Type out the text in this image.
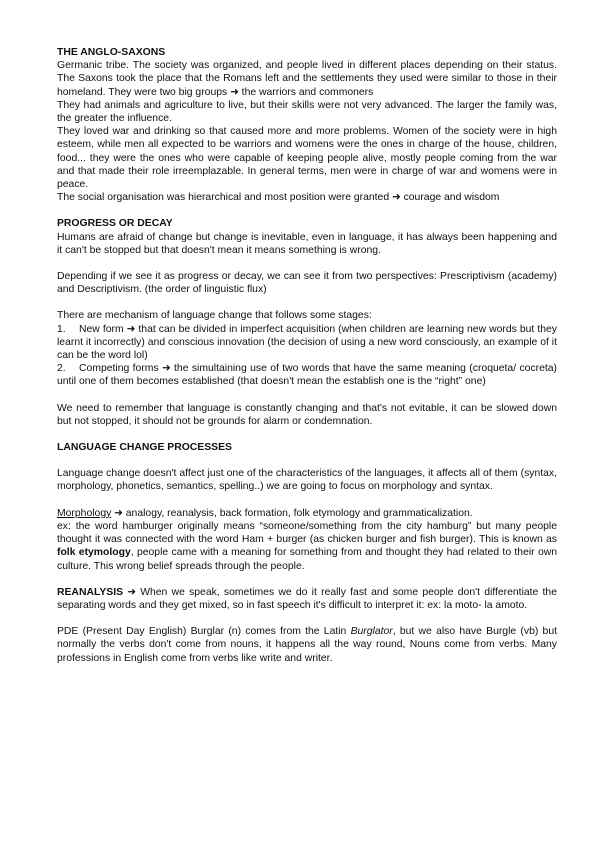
THE ANGLO-SAXONS

Germanic tribe. The society was organized, and people lived in different places depending on their status. The Saxons took the place that the Romans left and the settlements they used were similar to those in their homeland. They were two big groups ➜ the warriors and commoners

They had animals and agriculture to live, but their skills were not very advanced. The larger the family was, the greater the influence.

They loved war and drinking so that caused more and more problems. Women of the society were in high esteem, while men all expected to be warriors and womens were the ones in charge of the house, children, food... they were the ones who were capable of keeping people alive, mostly people coming from the war and that made their role irreemplazable. In general terms, men were in charge of war and womens were in peace.

The social organisation was hierarchical and most position were granted ➜ courage and wisdom

PROGRESS OR DECAY

Humans are afraid of change but change is inevitable, even in language, it has always been happening and it can't be stopped but that doesn't mean it means something is wrong.

Depending if we see it as progress or decay, we can see it from two perspectives: Prescriptivism (academy) and Descriptivism. (the order of linguistic flux)

There are mechanism of language change that follows some stages:

1. New form ➜ that can be divided in imperfect acquisition (when children are learning new words but they learnt it incorrectly) and conscious innovation (the decision of using a new word consciously, an example of it can be the word lol)

2. Competing forms ➜ the simultaining use of two words that have the same meaning (croqueta/ cocreta) until one of them becomes established (that doesn't mean the establish one is the “right” one)

We need to remember that language is constantly changing and that's not evitable, it can be slowed down but not stopped, it should not be grounds for alarm or condemnation.

LANGUAGE CHANGE PROCESSES

Language change doesn't affect just one of the characteristics of the languages, it affects all of them (syntax, morphology, phonetics, semantics, spelling..) we are going to focus on morphology and syntax.

Morphology ➜ analogy, reanalysis, back formation, folk etymology and grammaticalization.

ex: the word hamburger originally means “someone/something from the city hamburg” but many people thought it was connected with the word Ham + burger (as chicken burger and fish burger). This is known as folk etymology, people came with a meaning for something from and thought they had related to their own culture. This wrong belief spreads through the people.

REANALYSIS ➜ When we speak, sometimes we do it really fast and some people don't differentiate the separating words and they get mixed, so in fast speech it's difficult to interpret it: ex: la moto- la amoto.

PDE (Present Day English) Burglar (n) comes from the Latin Burglator, but we also have Burgle (vb) but normally the verbs don't come from nouns, it happens all the way round, Nouns come from verbs. Many professions in English come from verbs like write and writer.
